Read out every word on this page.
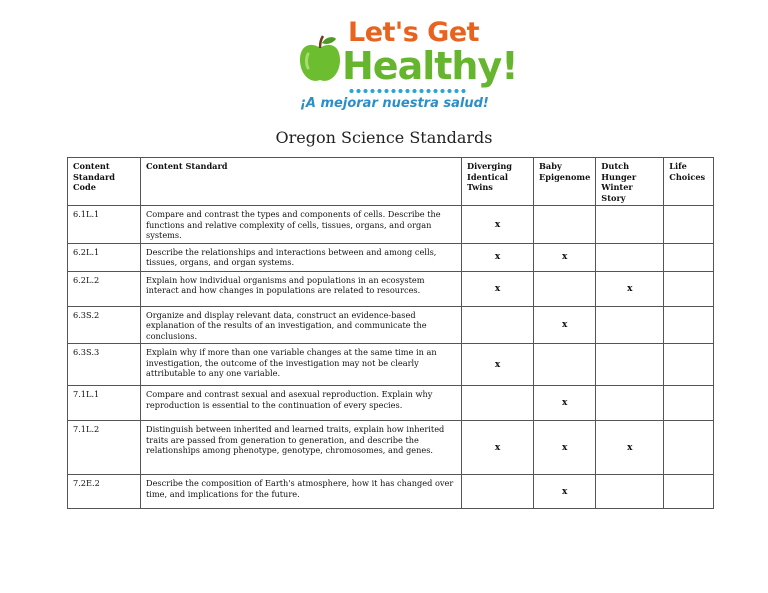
Let's Get
Healthy!
¡A mejorar nuestra salud!
Oregon Science Standards
Content Standard Code	Content Standard	Diverging Identical Twins	Baby Epigenome	Dutch Hunger Winter Story	Life Choices
6.1L.1	Compare and contrast the types and components of cells. Describe the functions and relative complexity of cells, tissues, organs, and organ systems.	x			
6.2L.1	Describe the relationships and interactions between and among cells, tissues, organs, and organ systems.	x	x		
6.2L.2	Explain how individual organisms and populations in an ecosystem interact and how changes in populations are related to resources.	x		x	
6.3S.2	Organize and display relevant data, construct an evidence-based explanation of the results of an investigation, and communicate the conclusions.		x		
6.3S.3	Explain why if more than one variable changes at the same time in an investigation, the outcome of the investigation may not be clearly attributable to any one variable.	x			
7.1L.1	Compare and contrast sexual and asexual reproduction. Explain why reproduction is essential to the continuation of every species.		x		
7.1L.2	Distinguish between inherited and learned traits, explain how inherited traits are passed from generation to generation, and describe the relationships among phenotype, genotype, chromosomes, and genes.	x	x	x	
7.2E.2	Describe the composition of Earth's atmosphere, how it has changed over time, and implications for the future.		x		
